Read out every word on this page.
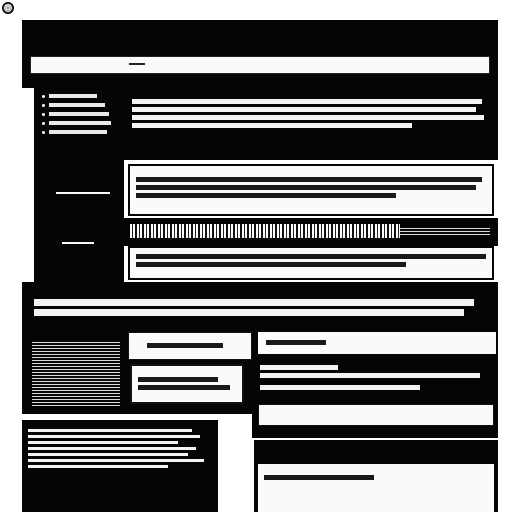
◎
